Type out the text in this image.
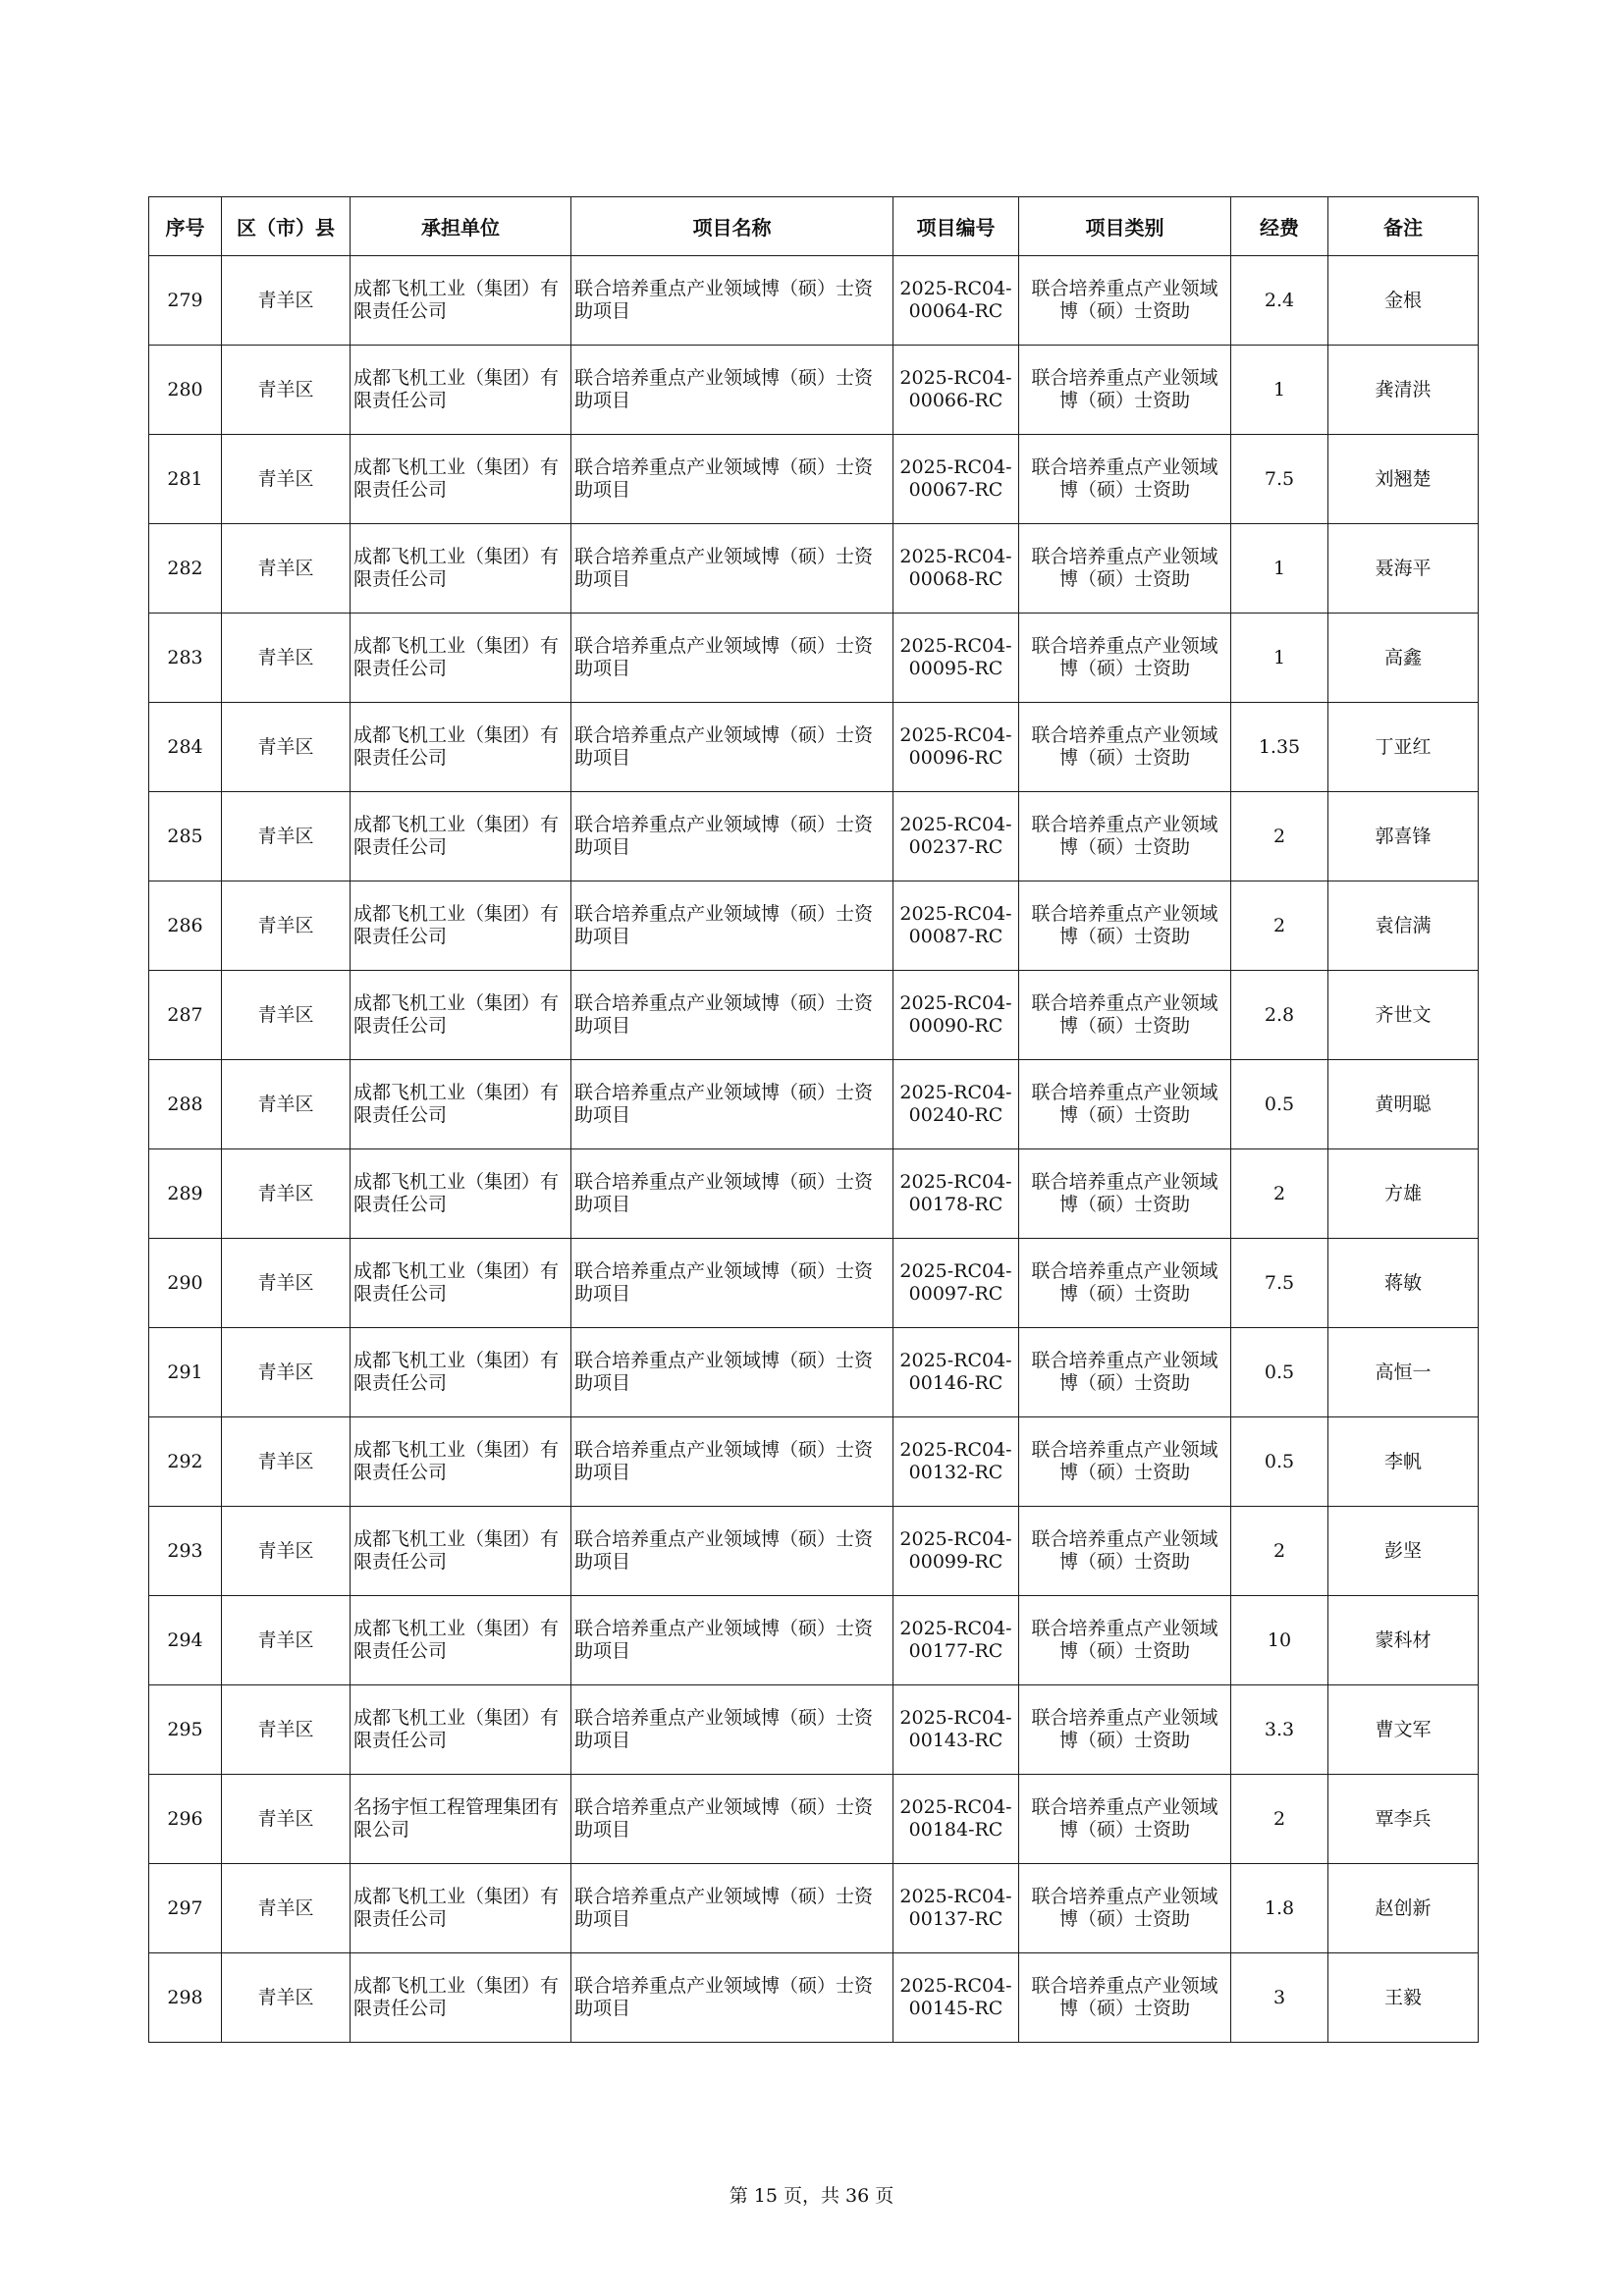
序号	区（市）县	承担单位	项目名称	项目编号	项目类别	经费	备注
279	青羊区	成都飞机工业（集团）有限责任公司	联合培养重点产业领域博（硕）士资助项目	2025-RC04-00064-RC	联合培养重点产业领域博（硕）士资助	2.4	金根
280	青羊区	成都飞机工业（集团）有限责任公司	联合培养重点产业领域博（硕）士资助项目	2025-RC04-00066-RC	联合培养重点产业领域博（硕）士资助	1	龚清洪
281	青羊区	成都飞机工业（集团）有限责任公司	联合培养重点产业领域博（硕）士资助项目	2025-RC04-00067-RC	联合培养重点产业领域博（硕）士资助	7.5	刘翘楚
282	青羊区	成都飞机工业（集团）有限责任公司	联合培养重点产业领域博（硕）士资助项目	2025-RC04-00068-RC	联合培养重点产业领域博（硕）士资助	1	聂海平
283	青羊区	成都飞机工业（集团）有限责任公司	联合培养重点产业领域博（硕）士资助项目	2025-RC04-00095-RC	联合培养重点产业领域博（硕）士资助	1	高鑫
284	青羊区	成都飞机工业（集团）有限责任公司	联合培养重点产业领域博（硕）士资助项目	2025-RC04-00096-RC	联合培养重点产业领域博（硕）士资助	1.35	丁亚红
285	青羊区	成都飞机工业（集团）有限责任公司	联合培养重点产业领域博（硕）士资助项目	2025-RC04-00237-RC	联合培养重点产业领域博（硕）士资助	2	郭喜锋
286	青羊区	成都飞机工业（集团）有限责任公司	联合培养重点产业领域博（硕）士资助项目	2025-RC04-00087-RC	联合培养重点产业领域博（硕）士资助	2	袁信满
287	青羊区	成都飞机工业（集团）有限责任公司	联合培养重点产业领域博（硕）士资助项目	2025-RC04-00090-RC	联合培养重点产业领域博（硕）士资助	2.8	齐世文
288	青羊区	成都飞机工业（集团）有限责任公司	联合培养重点产业领域博（硕）士资助项目	2025-RC04-00240-RC	联合培养重点产业领域博（硕）士资助	0.5	黄明聪
289	青羊区	成都飞机工业（集团）有限责任公司	联合培养重点产业领域博（硕）士资助项目	2025-RC04-00178-RC	联合培养重点产业领域博（硕）士资助	2	方雄
290	青羊区	成都飞机工业（集团）有限责任公司	联合培养重点产业领域博（硕）士资助项目	2025-RC04-00097-RC	联合培养重点产业领域博（硕）士资助	7.5	蒋敏
291	青羊区	成都飞机工业（集团）有限责任公司	联合培养重点产业领域博（硕）士资助项目	2025-RC04-00146-RC	联合培养重点产业领域博（硕）士资助	0.5	高恒一
292	青羊区	成都飞机工业（集团）有限责任公司	联合培养重点产业领域博（硕）士资助项目	2025-RC04-00132-RC	联合培养重点产业领域博（硕）士资助	0.5	李帆
293	青羊区	成都飞机工业（集团）有限责任公司	联合培养重点产业领域博（硕）士资助项目	2025-RC04-00099-RC	联合培养重点产业领域博（硕）士资助	2	彭坚
294	青羊区	成都飞机工业（集团）有限责任公司	联合培养重点产业领域博（硕）士资助项目	2025-RC04-00177-RC	联合培养重点产业领域博（硕）士资助	10	蒙科材
295	青羊区	成都飞机工业（集团）有限责任公司	联合培养重点产业领域博（硕）士资助项目	2025-RC04-00143-RC	联合培养重点产业领域博（硕）士资助	3.3	曹文军
296	青羊区	名扬宇恒工程管理集团有限公司	联合培养重点产业领域博（硕）士资助项目	2025-RC04-00184-RC	联合培养重点产业领域博（硕）士资助	2	覃李兵
297	青羊区	成都飞机工业（集团）有限责任公司	联合培养重点产业领域博（硕）士资助项目	2025-RC04-00137-RC	联合培养重点产业领域博（硕）士资助	1.8	赵创新
298	青羊区	成都飞机工业（集团）有限责任公司	联合培养重点产业领域博（硕）士资助项目	2025-RC04-00145-RC	联合培养重点产业领域博（硕）士资助	3	王毅
第 15 页，共 36 页
